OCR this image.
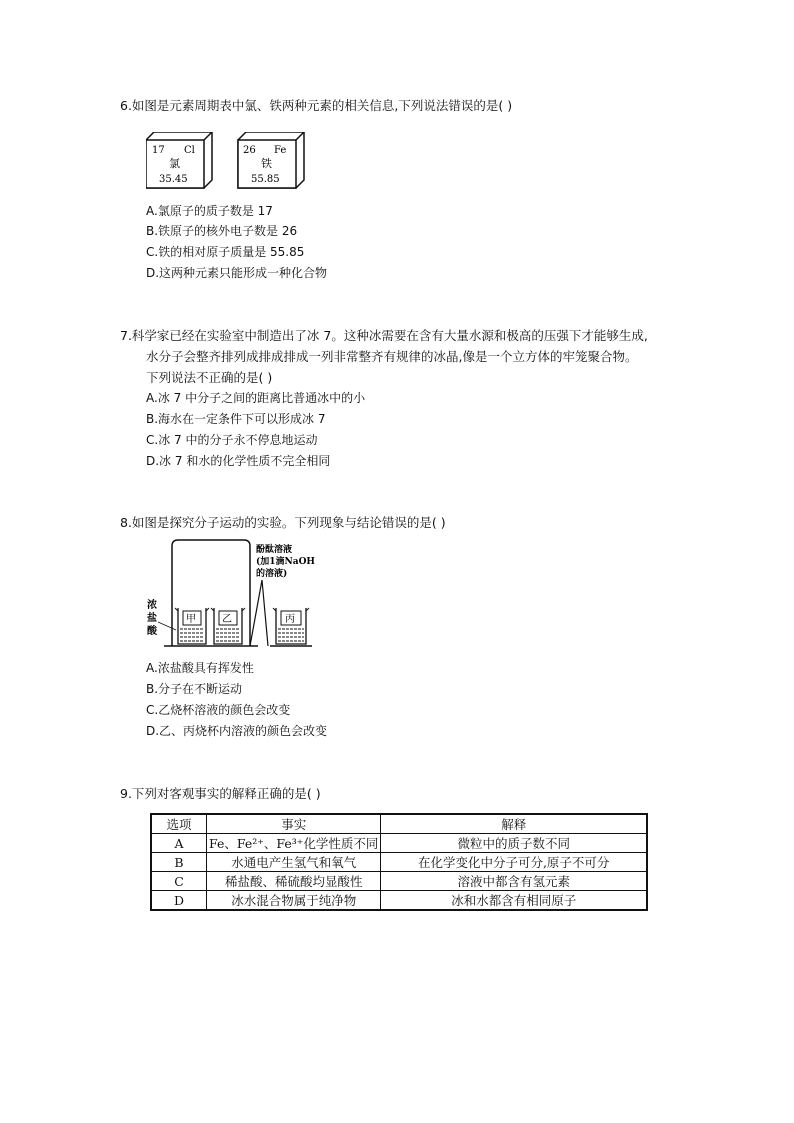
6.如图是元素周期表中氯、铁两种元素的相关信息,下列说法错误的是( )
17 Cl
氯
35.45
26 Fe
铁
55.85
A.氯原子的质子数是 17
B.铁原子的核外电子数是 26
C.铁的相对原子质量是 55.85
D.这两种元素只能形成一种化合物
7.科学家已经在实验室中制造出了冰 7。这种冰需要在含有大量水源和极高的压强下才能够生成,
水分子会整齐排列成排成排成一列非常整齐有规律的冰晶,像是一个立方体的牢笼聚合物。
下列说法不正确的是( )
A.冰 7 中分子之间的距离比普通冰中的小
B.海水在一定条件下可以形成冰 7
C.冰 7 中的分子永不停息地运动
D.冰 7 和水的化学性质不完全相同
8.如图是探究分子运动的实验。下列现象与结论错误的是( )
甲	乙	丙
浓
盐
酸
酚酞溶液
(加1滴NaOH
的溶液)
A.浓盐酸具有挥发性
B.分子在不断运动
C.乙烧杯溶液的颜色会改变
D.乙、丙烧杯内溶液的颜色会改变
9.下列对客观事实的解释正确的是( )
选项	事实	解释
A	Fe、Fe²⁺、Fe³⁺化学性质不同	微粒中的质子数不同
B	水通电产生氢气和氧气	在化学变化中分子可分,原子不可分
C	稀盐酸、稀硫酸均显酸性	溶液中都含有氢元素
D	冰水混合物属于纯净物	冰和水都含有相同原子
